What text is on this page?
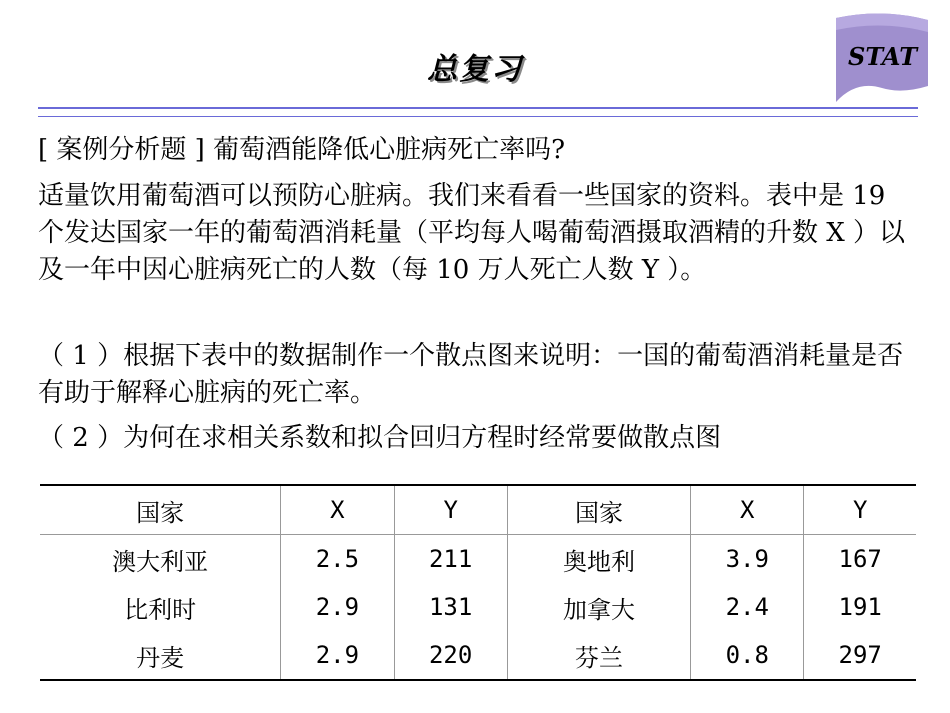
总复习	STAT

[ 案例分析题 ] 葡萄酒能降低心脏病死亡率吗?

适量饮用葡萄酒可以预防心脏病。我们来看看一些国家的资料。表中是 19 个发达国家一年的葡萄酒消耗量（平均每人喝葡萄酒摄取酒精的升数 X ）以及一年中因心脏病死亡的人数（每 10 万人死亡人数 Y ）。

（ 1 ）根据下表中的数据制作一个散点图来说明：一国的葡萄酒消耗量是否有助于解释心脏病的死亡率。

（ 2 ）为何在求相关系数和拟合回归方程时经常要做散点图

国家	X	Y	国家	X	Y
澳大利亚	2.5	211	奥地利	3.9	167
比利时	2.9	131	加拿大	2.4	191
丹麦	2.9	220	芬兰	0.8	297
